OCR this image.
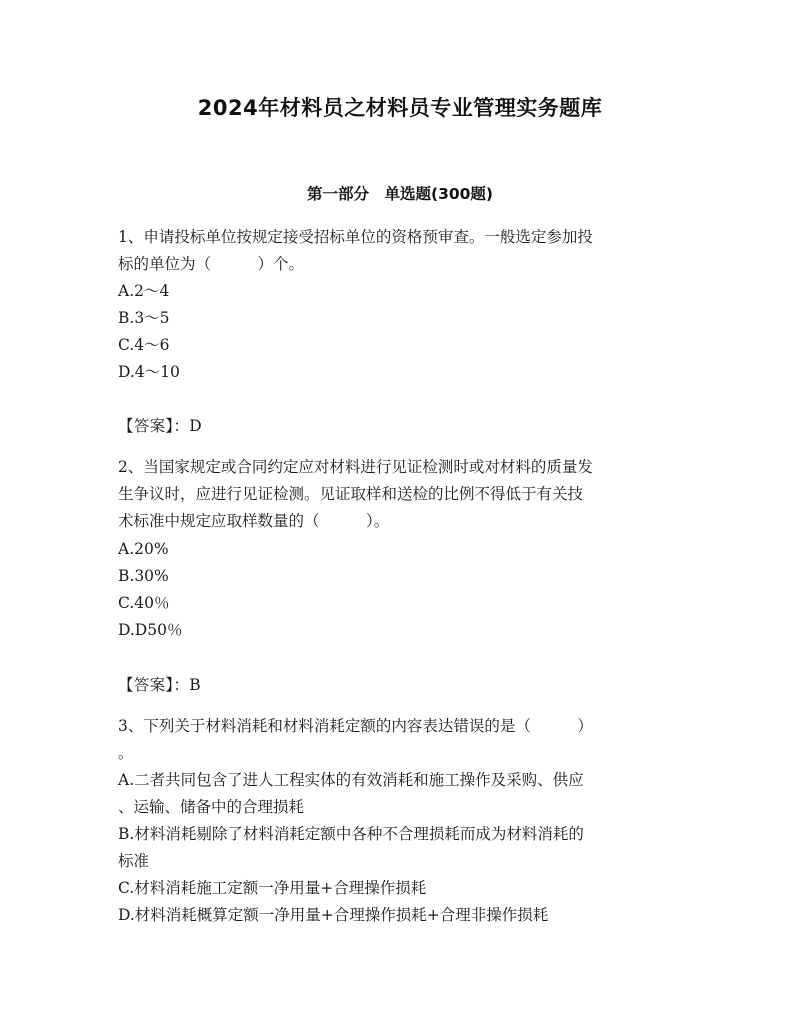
2024年材料员之材料员专业管理实务题库
第一部分　单选题(300题)
1、申请投标单位按规定接受招标单位的资格预审查。一般选定参加投
标的单位为（　　　）个。
A.2～4
B.3～5
C.4～6
D.4～10
【答案】：D
2、当国家规定或合同约定应对材料进行见证检测时或对材料的质量发
生争议时，应进行见证检测。见证取样和送检的比例不得低于有关技
术标准中规定应取样数量的（　　　）。
A.20%
B.30%
C.40％
D.D50％
【答案】：B
3、下列关于材料消耗和材料消耗定额的内容表达错误的是（　　　）
。
A.二者共同包含了进人工程实体的有效消耗和施工操作及采购、供应
、运输、储备中的合理损耗
B.材料消耗剔除了材料消耗定额中各种不合理损耗而成为材料消耗的
标准
C.材料消耗施工定额一净用量+合理操作损耗
D.材料消耗概算定额一净用量+合理操作损耗+合理非操作损耗
